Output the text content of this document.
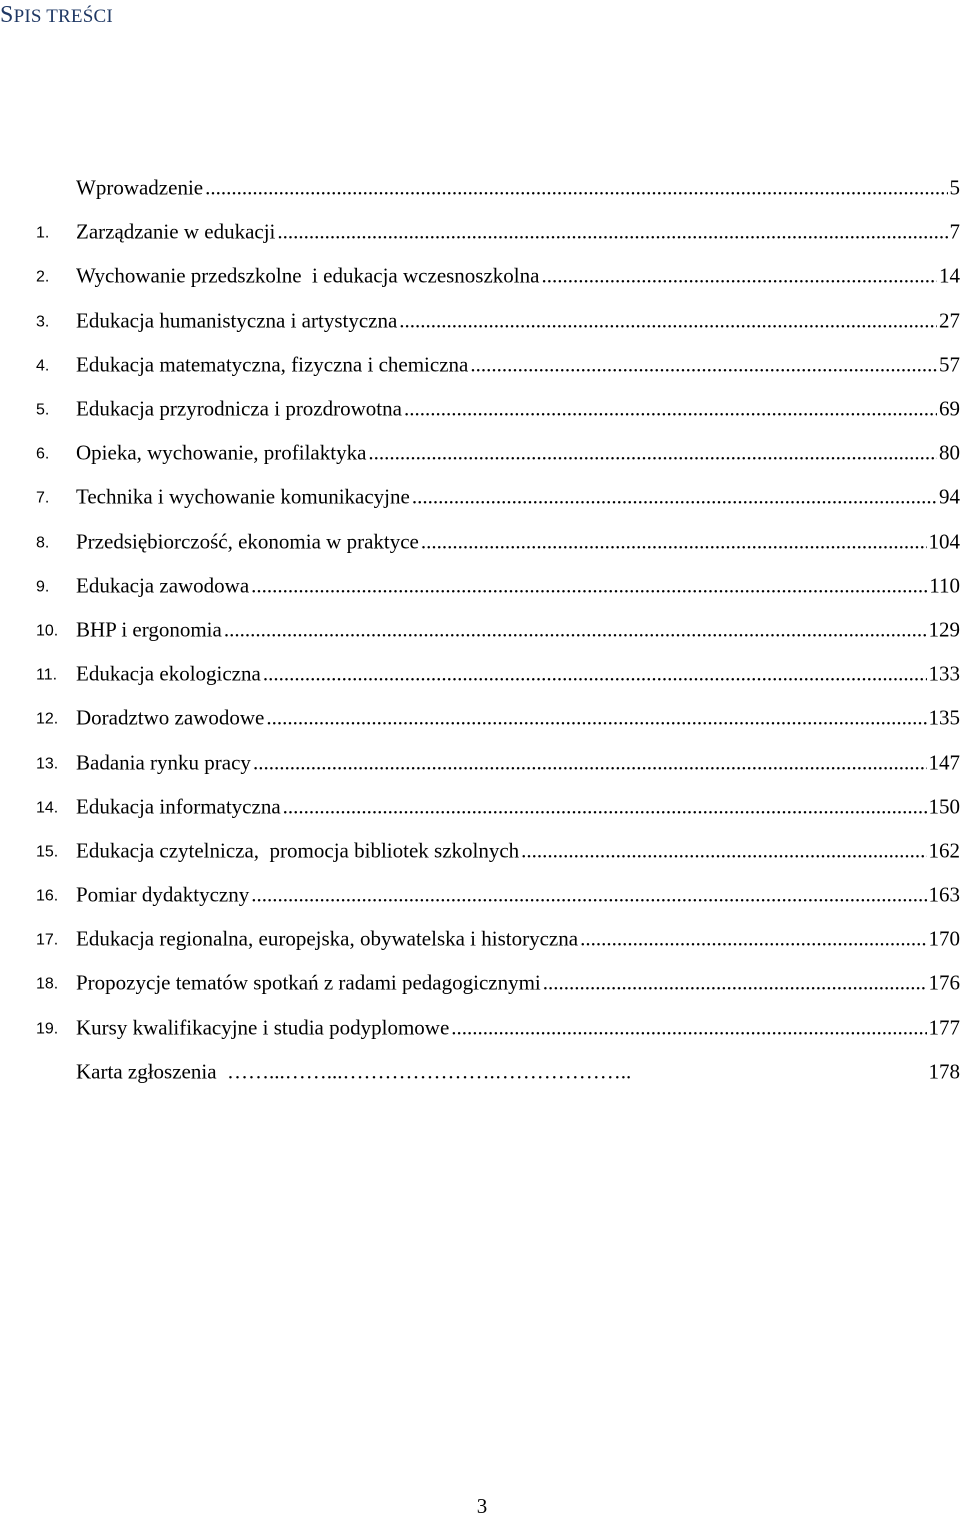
SPIS TREŚCI
Wprowadzenie .....	5
1.	Zarządzanie w edukacji .....	7
2.	Wychowanie przedszkolne  i edukacja wczesnoszkolna .....	14
3.	Edukacja humanistyczna i artystyczna .....	27
4.	Edukacja matematyczna, fizyczna i chemiczna .....	57
5.	Edukacja przyrodnicza i prozdrowotna .....	69
6.	Opieka, wychowanie, profilaktyka .....	80
7.	Technika i wychowanie komunikacyjne .....	94
8.	Przedsiębiorczość, ekonomia w praktyce .....	104
9.	Edukacja zawodowa .....	110
10. BHP i ergonomia .....	129
11. Edukacja ekologiczna .....	133
12. Doradztwo zawodowe .....	135
13. Badania rynku pracy .....	147
14. Edukacja informatyczna .....	150
15. Edukacja czytelnicza,  promocja bibliotek szkolnych .....	162
16. Pomiar dydaktyczny .....	163
17. Edukacja regionalna, europejska, obywatelska i historyczna .....	170
18. Propozycje tematów spotkań z radami pedagogicznymi .....	176
19. Kursy kwalifikacyjne i studia podyplomowe .....	177
Karta zgłoszenia  ……...……...………………….………………..	178
3
